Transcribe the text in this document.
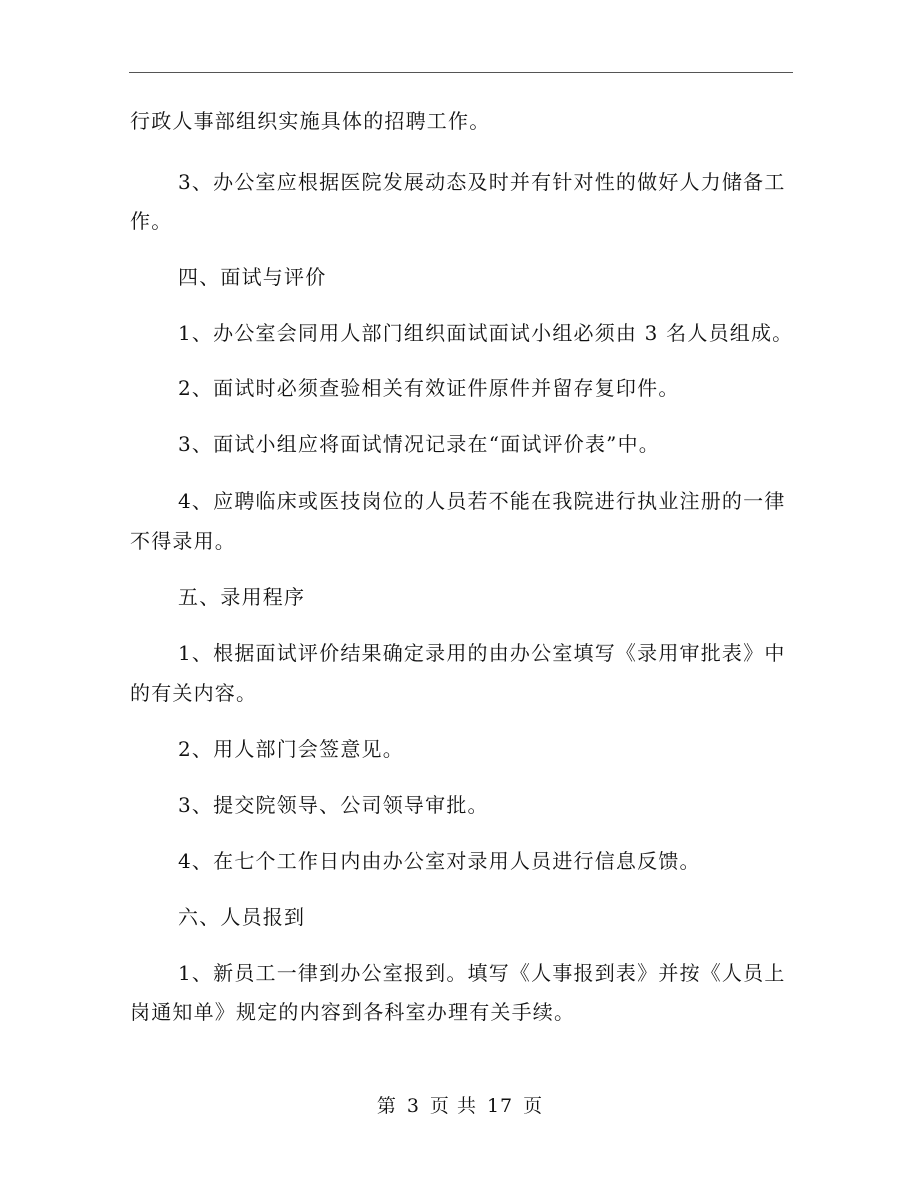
行政人事部组织实施具体的招聘工作。
3、办公室应根据医院发展动态及时并有针对性的做好人力储备工
作。
四、面试与评价
1、办公室会同用人部门组织面试面试小组必须由 3 名人员组成。
2、面试时必须查验相关有效证件原件并留存复印件。
3、面试小组应将面试情况记录在“面试评价表”中。
4、应聘临床或医技岗位的人员若不能在我院进行执业注册的一律
不得录用。
五、录用程序
1、根据面试评价结果确定录用的由办公室填写《录用审批表》中
的有关内容。
2、用人部门会签意见。
3、提交院领导、公司领导审批。
4、在七个工作日内由办公室对录用人员进行信息反馈。
六、人员报到
1、新员工一律到办公室报到。填写《人事报到表》并按《人员上
岗通知单》规定的内容到各科室办理有关手续。
第 3 页 共 17 页
